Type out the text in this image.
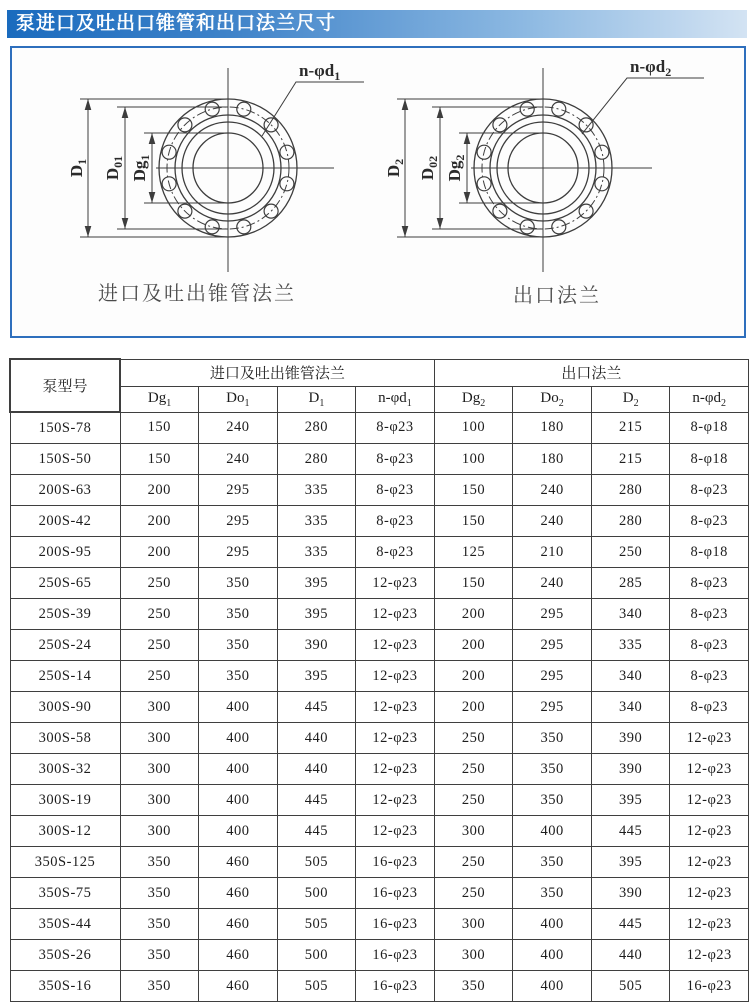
泵进口及吐出口锥管和出口法兰尺寸
$D_1$
$D_{01}$ $Dg_1$
$n-\varphi d_1$
进口及吐出锥管法兰
$D_2$
$D_{02}$ $Dg_2$
$n-\varphi d_2$
出口法兰
泵型号	进口及吐出锥管法兰				出口法兰			
	$Dg_1$	$Do_1$	$D_1$	$n-\varphi d_1$	$Dg_2$	$Do_2$	$D_2$	$n-\varphi d_2$
150S-78	150	240	280	8-φ23	100	180	215	8-φ18
150S-50	150	240	280	8-φ23	100	180	215	8-φ18
200S-63	200	295	335	8-φ23	150	240	280	8-φ23
200S-42	200	295	335	8-φ23	150	240	280	8-φ23
200S-95	200	295	335	8-φ23	125	210	250	8-φ18
250S-65	250	350	395	12-φ23	150	240	285	8-φ23
250S-39	250	350	395	12-φ23	200	295	340	8-φ23
250S-24	250	350	390	12-φ23	200	295	335	8-φ23
250S-14	250	350	395	12-φ23	200	295	340	8-φ23
300S-90	300	400	445	12-φ23	200	295	340	8-φ23
300S-58	300	400	440	12-φ23	250	350	390	12-φ23
300S-32	300	400	440	12-φ23	250	350	390	12-φ23
300S-19	300	400	445	12-φ23	250	350	395	12-φ23
300S-12	300	400	445	12-φ23	300	400	445	12-φ23
350S-125	350	460	505	16-φ23	250	350	395	12-φ23
350S-75	350	460	500	16-φ23	250	350	390	12-φ23
350S-44	350	460	505	16-φ23	300	400	445	12-φ23
350S-26	350	460	500	16-φ23	300	400	440	12-φ23
350S-16	350	460	505	16-φ23	350	400	505	16-φ23
